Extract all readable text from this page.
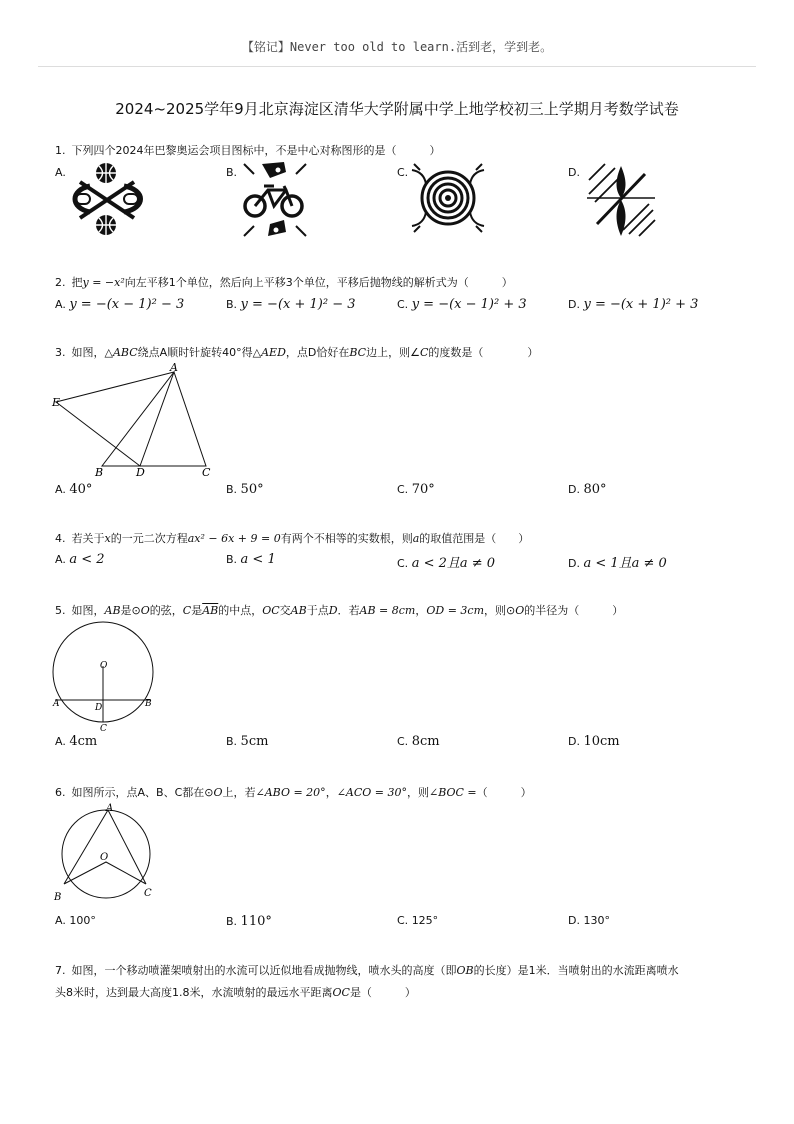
【铭记】Never too old to learn.活到老，学到老。
2024~2025学年9月北京海淀区清华大学附属中学上地学校初三上学期月考数学试卷
1. 下列四个2024年巴黎奥运会项目图标中，不是中心对称图形的是（　　　）
A.	B.	C.	D.
2. 把y = −x²向左平移1个单位，然后向上平移3个单位，平移后抛物线的解析式为（　　　）
A. y = −(x − 1)² − 3	B. y = −(x + 1)² − 3	C. y = −(x − 1)² + 3	D. y = −(x + 1)² + 3
3. 如图，△ABC绕点A顺时针旋转40°得△AED，点D恰好在BC边上，则∠C的度数是（　　　　）
A
E
B	D	C
A. 40°	B. 50°	C. 70°	D. 80°
4. 若关于x的一元二次方程ax² − 6x + 9 = 0有两个不相等的实数根，则a的取值范围是（　　）
A. a < 2	B. a < 1	C. a < 2且a ≠ 0	D. a < 1且a ≠ 0
5. 如图，AB是⊙O的弦，C是$\overline{AB}$的中点，OC交AB于点D．若AB = 8cm，OD = 3cm，则⊙O的半径为（　　　）
O
A	D	B
C
A. 4cm	B. 5cm	C. 8cm	D. 10cm
6. 如图所示，点A、B、C都在⊙O上，若∠ABO = 20°，∠ACO = 30°，则∠BOC =（　　　）
A
O
B	C
A. 100°	B. 110°	C. 125°	D. 130°
7. 如图，一个移动喷灌架喷射出的水流可以近似地看成抛物线，喷水头的高度（即OB的长度）是1米．当喷射出的水流距离喷水
头8米时，达到最大高度1.8米，水流喷射的最远水平距离OC是（　　　）
